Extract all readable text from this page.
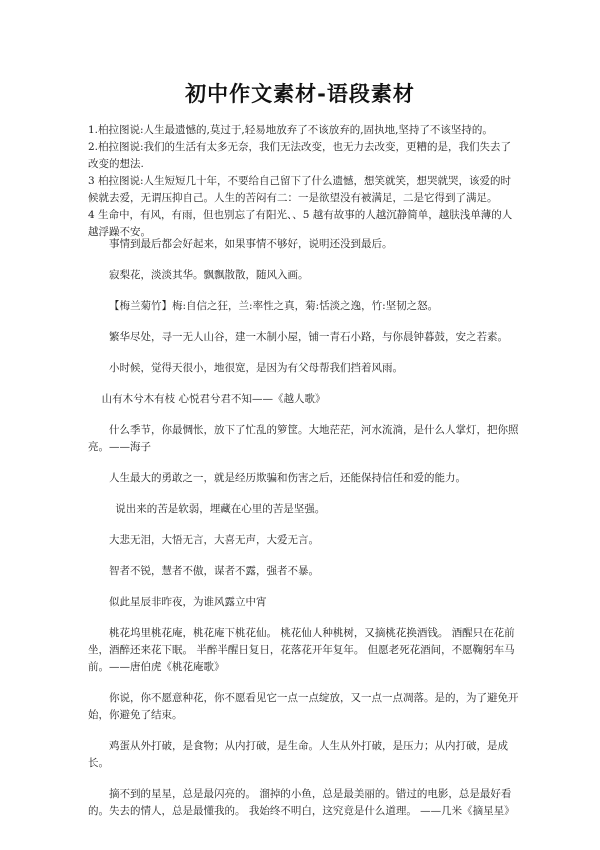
初中作文素材-语段素材

1.柏拉图说:人生最遗憾的,莫过于,轻易地放弃了不该放弃的,固执地,坚持了不该坚持的。

2.柏拉图说:我们的生活有太多无奈，我们无法改变，也无力去改变，更糟的是，我们失去了改变的想法.

3 柏拉图说:人生短短几十年，不要给自己留下了什么遗憾，想笑就笑，想哭就哭，该爱的时候就去爱，无谓压抑自己。人生的苦闷有二：一是欲望没有被满足，二是它得到了满足。

4 生命中，有风，有雨，但也别忘了有阳光、、5 越有故事的人越沉静简单，越肤浅单薄的人越浮躁不安。

事情到最后都会好起来，如果事情不够好，说明还没到最后。

寂梨花，淡淡其华。飘飘散散，随风入画。

【梅兰菊竹】梅:自信之狂，兰:率性之真，菊:恬淡之逸，竹:坚韧之怒。

繁华尽处，寻一无人山谷，建一木制小屋，铺一青石小路，与你晨钟暮鼓，安之若素。

小时候，觉得天很小，地很宽，是因为有父母帮我们挡着风雨。

山有木兮木有枝 心悦君兮君不知——《越人歌》

什么季节，你最惆怅，放下了忙乱的箩筐。大地茫茫，河水流淌，是什么人掌灯，把你照亮。——海子

人生最大的勇敢之一，就是经历欺骗和伤害之后，还能保持信任和爱的能力。

说出来的苦是软弱，埋藏在心里的苦是坚强。

大悲无泪，大悟无言，大喜无声，大爱无言。

智者不锐，慧者不傲，谋者不露，强者不暴。

似此星辰非昨夜，为谁风露立中宵

桃花坞里桃花庵，桃花庵下桃花仙。 桃花仙人种桃树，又摘桃花换酒钱。 酒醒只在花前坐，酒醉还来花下眠。 半醉半醒日复日，花落花开年复年。 但愿老死花酒间，不愿鞠躬车马前。——唐伯虎《桃花庵歌》

你说，你不愿意种花，你不愿看见它一点一点绽放，又一点一点凋落。是的，为了避免开始，你避免了结束。

鸡蛋从外打破，是食物；从内打破，是生命。人生从外打破，是压力；从内打破，是成长。

摘不到的星星，总是最闪亮的。 溜掉的小鱼，总是最美丽的。错过的电影，总是最好看的。失去的情人，总是最懂我的。 我始终不明白，这究竟是什么道理。 ——几米《摘星星》
